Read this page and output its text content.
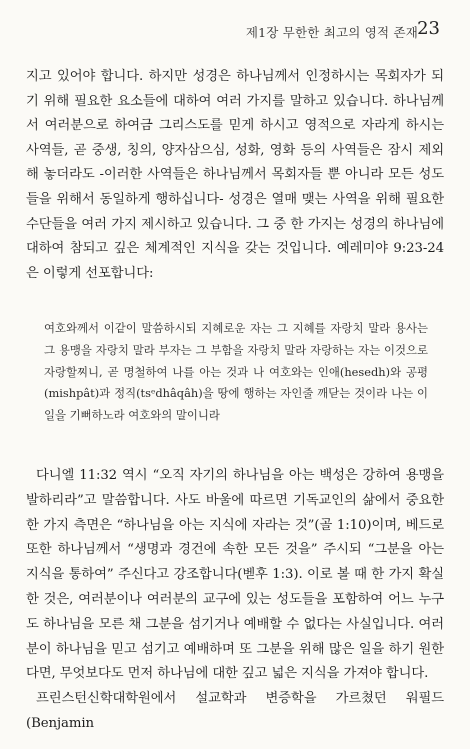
제1장 무한한 최고의 영적 존재 23

지고 있어야 합니다. 하지만 성경은 하나님께서 인정하시는 목회자가 되기 위해 필요한 요소들에 대하여 여러 가지를 말하고 있습니다. 하나님께서 여러분으로 하여금 그리스도를 믿게 하시고 영적으로 자라게 하시는 사역들, 곧 중생, 칭의, 양자삼으심, 성화, 영화 등의 사역들은 잠시 제외해 놓더라도 -이러한 사역들은 하나님께서 목회자들 뿐 아니라 모든 성도들을 위해서 동일하게 행하십니다- 성경은 열매 맺는 사역을 위해 필요한 수단들을 여러 가지 제시하고 있습니다. 그 중 한 가지는 성경의 하나님에 대하여 참되고 깊은 체계적인 지식을 갖는 것입니다. 예레미야 9:23-24은 이렇게 선포합니다:

여호와께서 이같이 말씀하시되 지혜로운 자는 그 지혜를 자랑치 말라 용사는 그 용맹을 자랑치 말라 부자는 그 부함을 자랑치 말라 자랑하는 자는 이것으로 자랑할찌니, 곧 명철하여 나를 아는 것과 나 여호와는 인애(hesedh)와 공평(mishpât)과 정직(tsᵉdhâqâh)을 땅에 행하는 자인줄 깨닫는 것이라 나는 이 일을 기뻐하노라 여호와의 말이니라

다니엘 11:32 역시 “오직 자기의 하나님을 아는 백성은 강하여 용맹을 발하리라”고 말씀합니다. 사도 바울에 따르면 기독교인의 삶에서 중요한 한 가지 측면은 “하나님을 아는 지식에 자라는 것”(골 1:10)이며, 베드로 또한 하나님께서 “생명과 경건에 속한 모든 것을” 주시되 “그분을 아는 지식을 통하여” 주신다고 강조합니다(벧후 1:3). 이로 볼 때 한 가지 확실한 것은, 여러분이나 여러분의 교구에 있는 성도들을 포함하여 어느 누구도 하나님을 모른 채 그분을 섬기거나 예배할 수 없다는 사실입니다. 여러분이 하나님을 믿고 섬기고 예배하며 또 그분을 위해 많은 일을 하기 원한다면, 무엇보다도 먼저 하나님에 대한 깊고 넓은 지식을 가져야 합니다.

프린스턴신학대학원에서 설교학과 변증학을 가르쳤던 워필드(Benjamin
